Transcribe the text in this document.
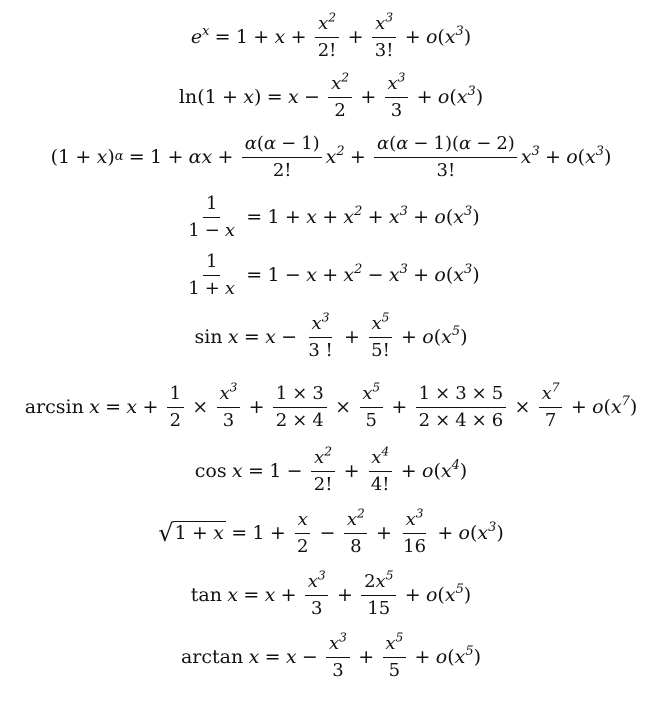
$e^x = 1 + x + \frac{x^2}{2!} + \frac{x^3}{3!} + o$ ( $x^3$ )
ln (1 + x ) = $x - \frac{x^2}{2} + \frac{x^3}{3} + o$ ( $x^3$ )
(1 + x ) $\alpha = 1 + \alpha x + \frac{\alpha(\alpha - 1)}{2!} x^2 + \frac{\alpha(\alpha - 1)(\alpha - 2)}{3!} x^3 + o$ ( $x^3$ )
$\frac{1}{1 - x} = 1 + x + x^2 + x^3 + o$ ( $x^3$ )
$\frac{1}{1 + x} = 1 - x + x^2 - x^3 + o$ ( $x^3$ )
$\sin x = x - \frac{x^3}{3 !} + \frac{x^5}{5!} + o$ ( $x^5$ )
$\arcsin x = x + \frac{1}{2} \times \frac{x^3}{3} + \frac{1 \times 3}{2 \times 4} \times \frac{x^5}{5} + \frac{1 \times 3 \times 5}{2 \times 4 \times 6} \times \frac{x^7}{7} + o$ ( $x^7$ )
$\cos x = 1 - \frac{x^2}{2!} + \frac{x^4}{4!} + o$ ( $x^4$ )
√ $1 + x = 1 + \frac{x}{2} - \frac{x^2}{8} + \frac{x^3}{16} + o$ ( $x^3$ )
$\tan x = x + \frac{x^3}{3} + \frac{2x^5}{15} + o$ ( $x^5$ )
$\arctan x = x - \frac{x^3}{3} + \frac{x^5}{5} + o$ ( $x^5$ )
